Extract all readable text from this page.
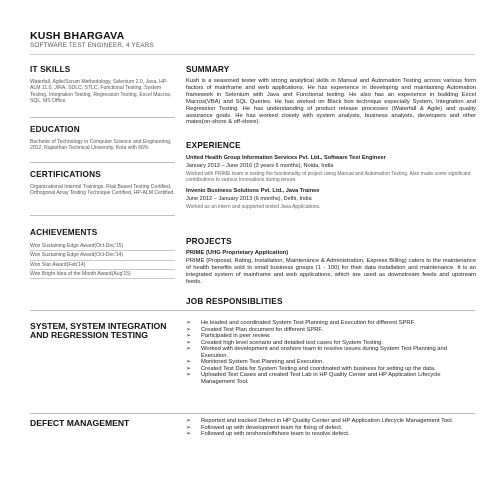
KUSH BHARGAVA
SOFTWARE TEST ENGINEER, 4 YEARS
IT SKILLS
Waterfall, Agile/Scrum Methodology, Selenium 2.0, Java, HP-ALM 11.0, JIRA, SDLC, STLC, Functional Testing, System Testing, Integration Testing, Regression Testing, Excel Macros, SQL, MS Office.
EDUCATION
Bachelor of Technology in Computer Science and Engineering, 2012; Rajasthan Technical University, Kota with 66%
CERTIFICATIONS
Organizational Internal Trainings: Risk Based Testing Certified, Orthogonal Array Testing Technique Certified, HP-ALM Certified.
ACHIEVEMENTS
Won Sustaining Edge Award(Oct-Dec'15)
Won Sustaining Edge Award(Oct-Dec'14)
Won Star Award(Feb'14)
Won Bright Idea of the Month Award(Aug'15)
SUMMARY
Kush is a seasoned tester with strong analytical skills in Manual and Automation Testing across various form factors of mainframe and web applications. He has experience in developing and maintaining Automation framework in Selenium with Java and Functional testing. He also has an experience in building Excel Macros(VBA) and SQL Queries. He has worked on Black box technique especially System, Integration and Regression Testing. He has understanding of product release processes (Waterfall & Agile) and quality assurance goals. He has worked closely with system analysts, business analysts, developers and other mates(on-shore & off-shore).
EXPERIENCE
United Health Group Information Services Pvt. Ltd., Software Test Engineer
January 2013 – June 2016 (3 years 6 months), Noida, India
Worked with PRIME team in testing the functionality of project using Manual and Automation Testing. Also made some significant contributions to various Innovations during tenure.
Invenio Business Solutions Pvt. Ltd., Java Trainee
June 2012 – January 2013 (6 months), Delhi, India
Worked as an intern and supported tested Java Applications.
PROJECTS
PRIME (UHG Proprietary Application)
PRIME (Proposal, Rating, Installation, Maintenance & Administration, Express Billing) caters to the maintenance of health benefits sold to small business groups (1 - 100) for their data installation and maintenance. It is an integrated system of mainframe and web applications, which are used as downstream feeds and upstream feeds.
JOB RESPONSIBLITIES
SYSTEM, SYSTEM INTEGRATION AND REGRESSION TESTING
➢ He leaded and coordinated System Test Planning and Execution for different SPRF.
➢ Created Test Plan document for different SPRF.
➢ Participated in peer review.
➢ Created high level scenario and detailed test cases for System Testing.
➢ Worked with development and onshore team to resolve issues during System Test Planning and Execution.
➢ Monitored System Test Planning and Execution.
➢ Created Test Data for System Testing and coordinated with business for setting up the data.
➢ Uploaded Test Cases and created Test Lab in HP Quality Center and HP Application Lifecycle Management Tool.
DEFECT MANAGEMENT	➢ Reported and tracked Defect in HP Quality Center and HP Application Lifecycle Management Tool.
➢ Followed up with development team for fixing of defect.
➢ Followed up with onshore/offshore team to resolve defect.
